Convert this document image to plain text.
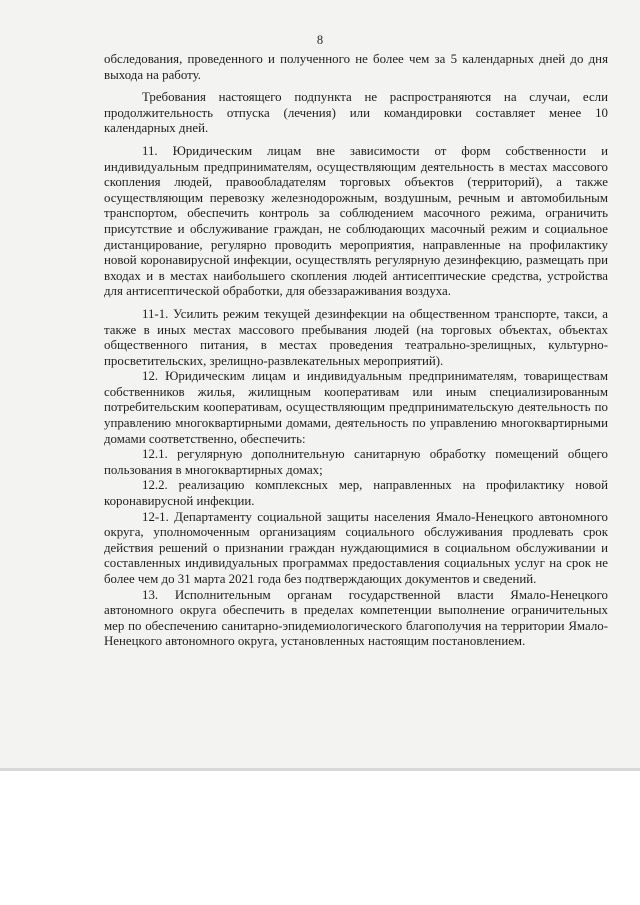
8

обследования, проведенного и полученного не более чем за 5 календарных дней до дня выхода на работу.

Требования настоящего подпункта не распространяются на случаи, если продолжительность отпуска (лечения) или командировки составляет менее 10 календарных дней.

11. Юридическим лицам вне зависимости от форм собственности и индивидуальным предпринимателям, осуществляющим деятельность в местах массового скопления людей, правообладателям торговых объектов (территорий), а также осуществляющим перевозку железнодорожным, воздушным, речным и автомобильным транспортом, обеспечить контроль за соблюдением масочного режима, ограничить присутствие и обслуживание граждан, не соблюдающих масочный режим и социальное дистанцирование, регулярно проводить мероприятия, направленные на профилактику новой коронавирусной инфекции, осуществлять регулярную дезинфекцию, размещать при входах и в местах наибольшего скопления людей антисептические средства, устройства для антисептической обработки, для обеззараживания воздуха.

11-1. Усилить режим текущей дезинфекции на общественном транспорте, такси, а также в иных местах массового пребывания людей (на торговых объектах, объектах общественного питания, в местах проведения театрально-зрелищных, культурно-просветительских, зрелищно-развлекательных мероприятий).

12. Юридическим лицам и индивидуальным предпринимателям, товариществам собственников жилья, жилищным кооперативам или иным специализированным потребительским кооперативам, осуществляющим предпринимательскую деятельность по управлению многоквартирными домами, деятельность по управлению многоквартирными домами соответственно, обеспечить:

12.1. регулярную дополнительную санитарную обработку помещений общего пользования в многоквартирных домах;

12.2. реализацию комплексных мер, направленных на профилактику новой коронавирусной инфекции.

12-1. Департаменту социальной защиты населения Ямало-Ненецкого автономного округа, уполномоченным организациям социального обслуживания продлевать срок действия решений о признании граждан нуждающимися в социальном обслуживании и составленных индивидуальных программах предоставления социальных услуг на срок не более чем до 31 марта 2021 года без подтверждающих документов и сведений.

13. Исполнительным органам государственной власти Ямало-Ненецкого автономного округа обеспечить в пределах компетенции выполнение ограничительных мер по обеспечению санитарно-эпидемиологического благополучия на территории Ямало-Ненецкого автономного округа, установленных настоящим постановлением.
